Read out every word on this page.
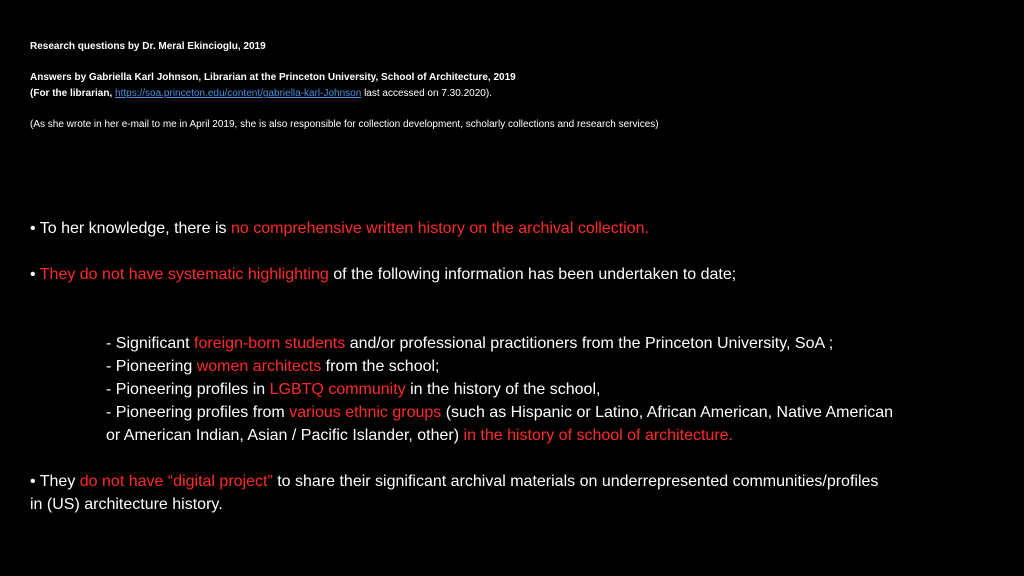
Research questions by Dr. Meral Ekincioglu, 2019
Answers by Gabriella Karl Johnson, Librarian at the Princeton University, School of Architecture, 2019
(For the librarian, https://soa.princeton.edu/content/gabriella-karl-Johnson last accessed on 7.30.2020).
(As she wrote in her e-mail to me in April 2019, she is also responsible for collection development, scholarly collections and research services)
• To her knowledge, there is no comprehensive written history on the archival collection.
• They do not have systematic highlighting of the following information has been undertaken to date;
- Significant foreign-born students and/or professional practitioners from the Princeton University, SoA ;
- Pioneering women architects from the school;
- Pioneering profiles in LGBTQ community in the history of the school,
- Pioneering profiles from various ethnic groups (such as Hispanic or Latino, African American, Native American
or American Indian, Asian / Pacific Islander, other) in the history of school of architecture.
• They do not have “digital project” to share their significant archival materials on underrepresented communities/profiles
in (US) architecture history.
